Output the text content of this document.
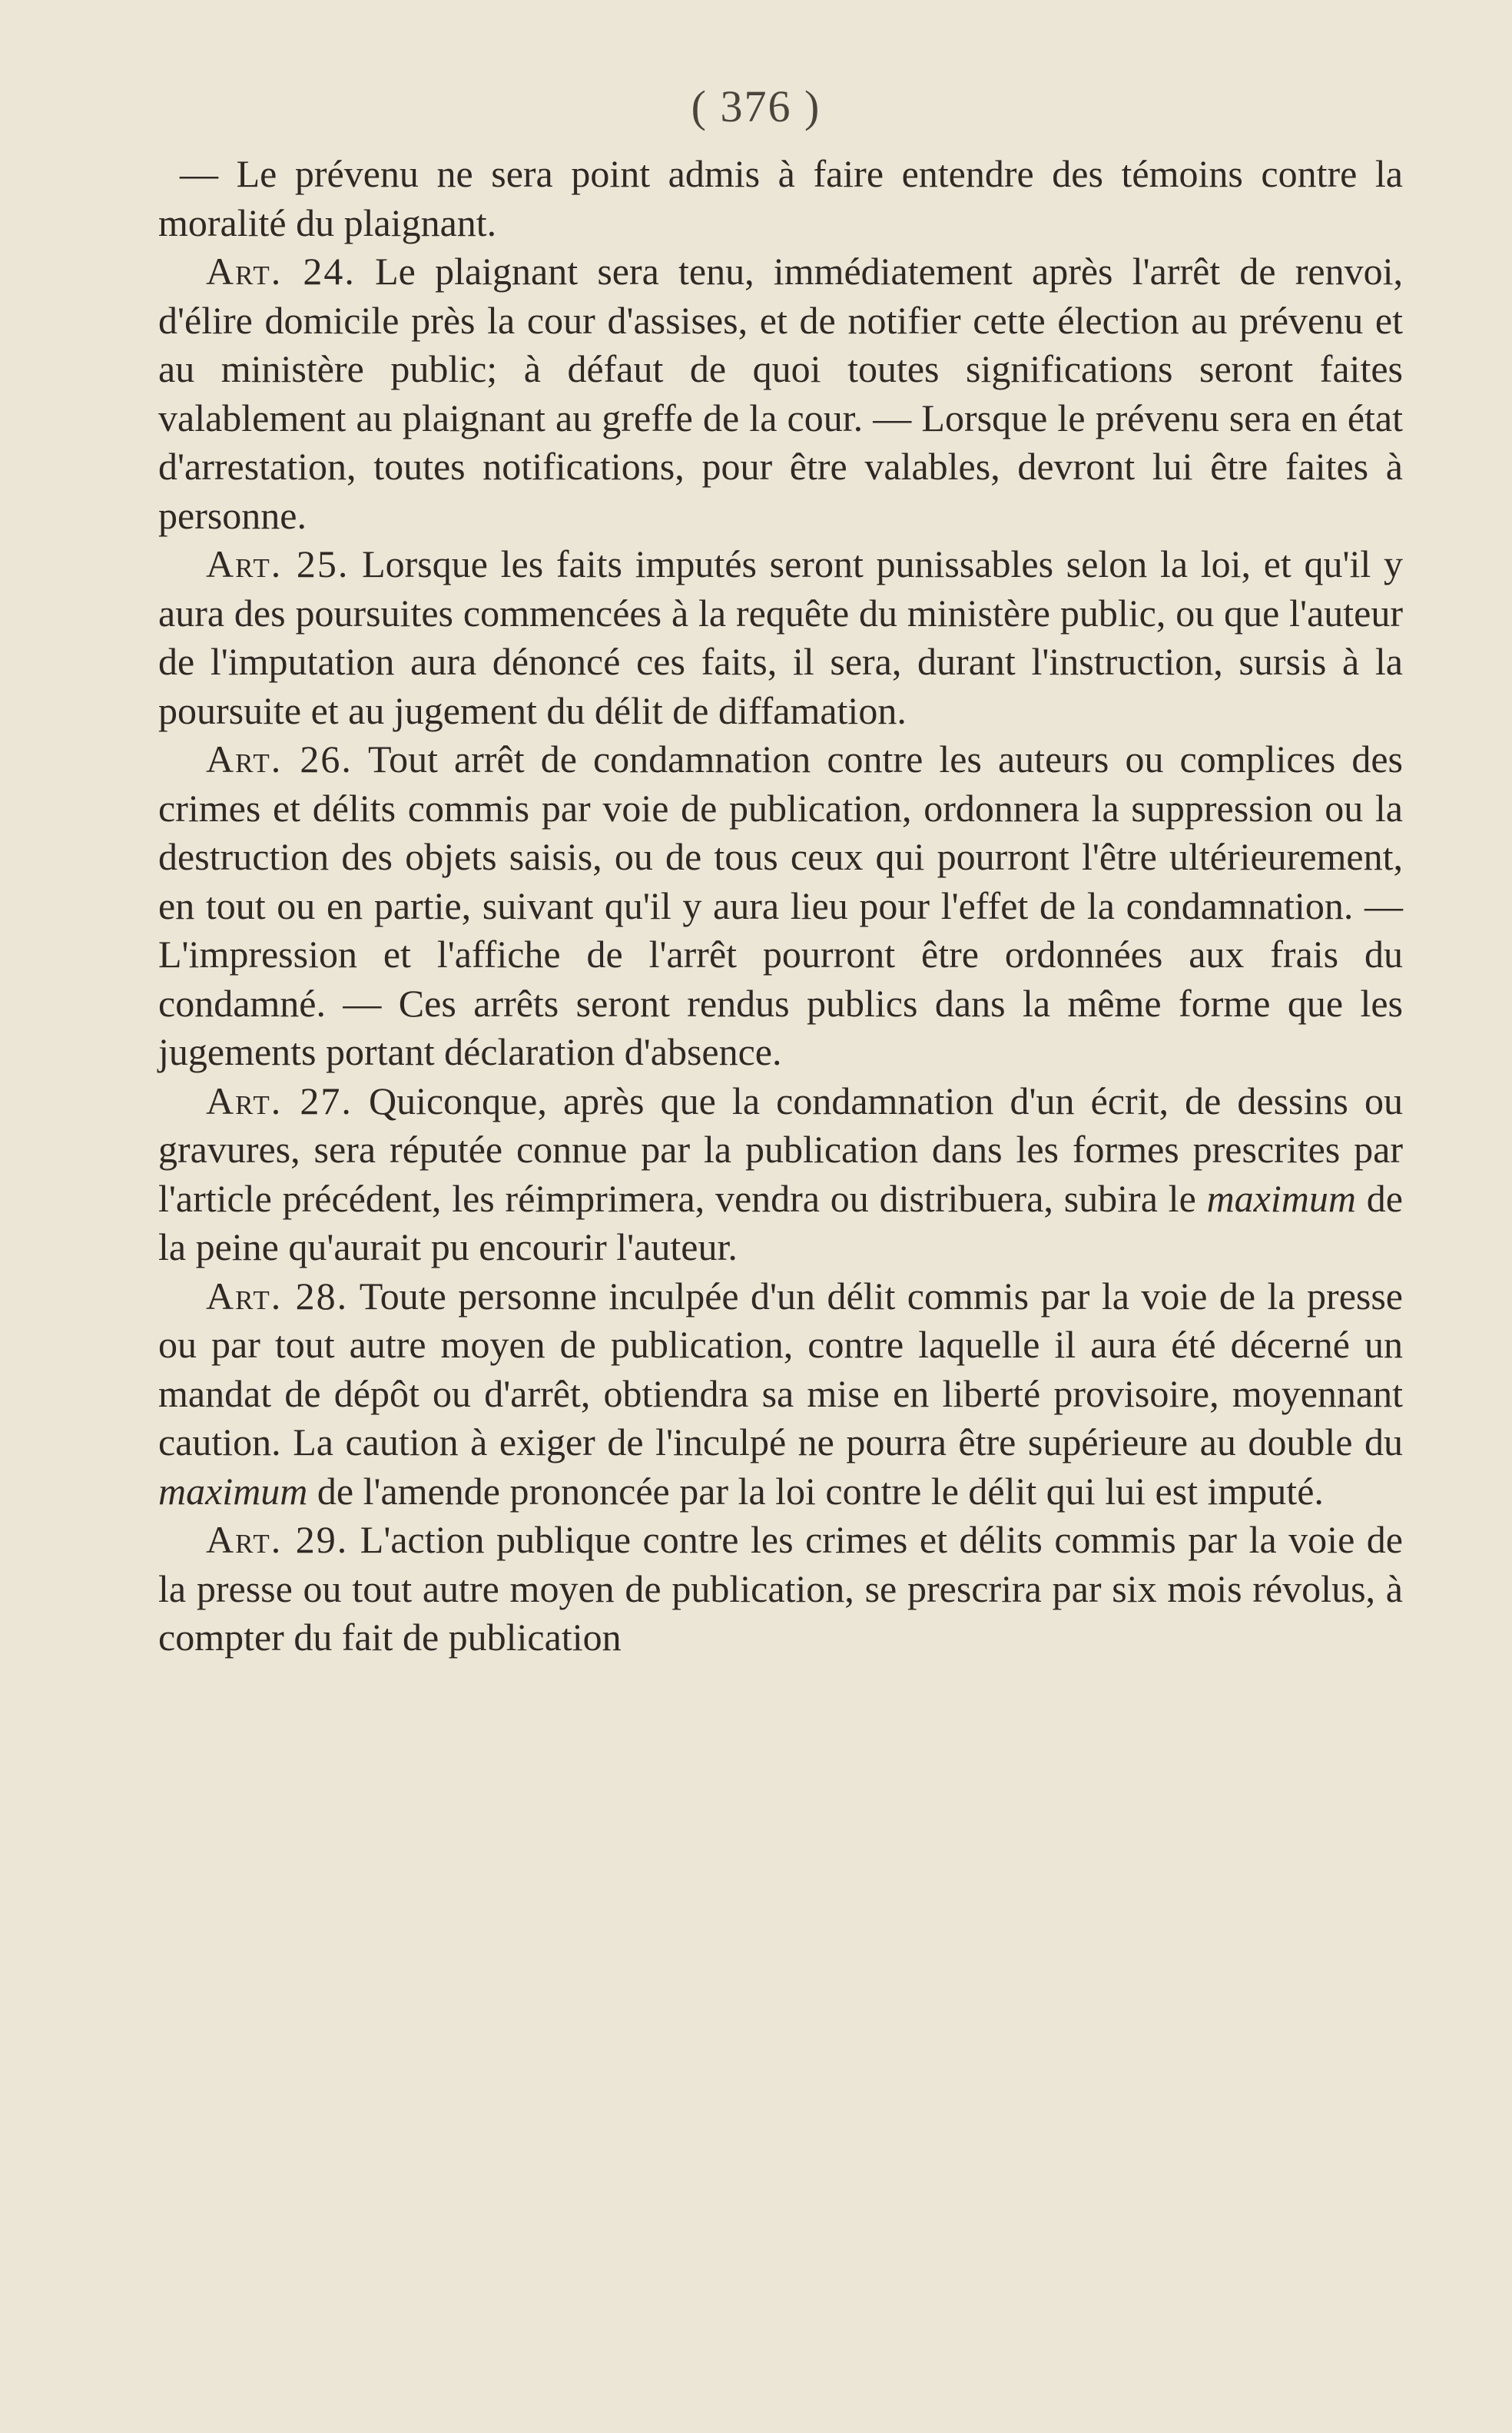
( 376 )

— Le prévenu ne sera point admis à faire entendre des témoins contre la moralité du plaignant.

Art. 24. Le plaignant sera tenu, immédiatement après l'arrêt de renvoi, d'élire domicile près la cour d'assises, et de notifier cette élection au prévenu et au ministère public; à défaut de quoi toutes significations seront faites valablement au plaignant au greffe de la cour. — Lorsque le prévenu sera en état d'arrestation, toutes notifications, pour être valables, devront lui être faites à personne.

Art. 25. Lorsque les faits imputés seront punissables selon la loi, et qu'il y aura des poursuites commencées à la requête du ministère public, ou que l'auteur de l'imputation aura dénoncé ces faits, il sera, durant l'instruction, sursis à la poursuite et au jugement du délit de diffamation.

Art. 26. Tout arrêt de condamnation contre les auteurs ou complices des crimes et délits commis par voie de publication, ordonnera la suppression ou la destruction des objets saisis, ou de tous ceux qui pourront l'être ultérieurement, en tout ou en partie, suivant qu'il y aura lieu pour l'effet de la condamnation. — L'impression et l'affiche de l'arrêt pourront être ordonnées aux frais du condamné. — Ces arrêts seront rendus publics dans la même forme que les jugements portant déclaration d'absence.

Art. 27. Quiconque, après que la condamnation d'un écrit, de dessins ou gravures, sera réputée connue par la publication dans les formes prescrites par l'article précédent, les réimprimera, vendra ou distribuera, subira le maximum de la peine qu'aurait pu encourir l'auteur.

Art. 28. Toute personne inculpée d'un délit commis par la voie de la presse ou par tout autre moyen de publication, contre laquelle il aura été décerné un mandat de dépôt ou d'arrêt, obtiendra sa mise en liberté provisoire, moyennant caution. La caution à exiger de l'inculpé ne pourra être supérieure au double du maximum de l'amende prononcée par la loi contre le délit qui lui est imputé.

Art. 29. L'action publique contre les crimes et délits commis par la voie de la presse ou tout autre moyen de publication, se prescrira par six mois révolus, à compter du fait de publication
